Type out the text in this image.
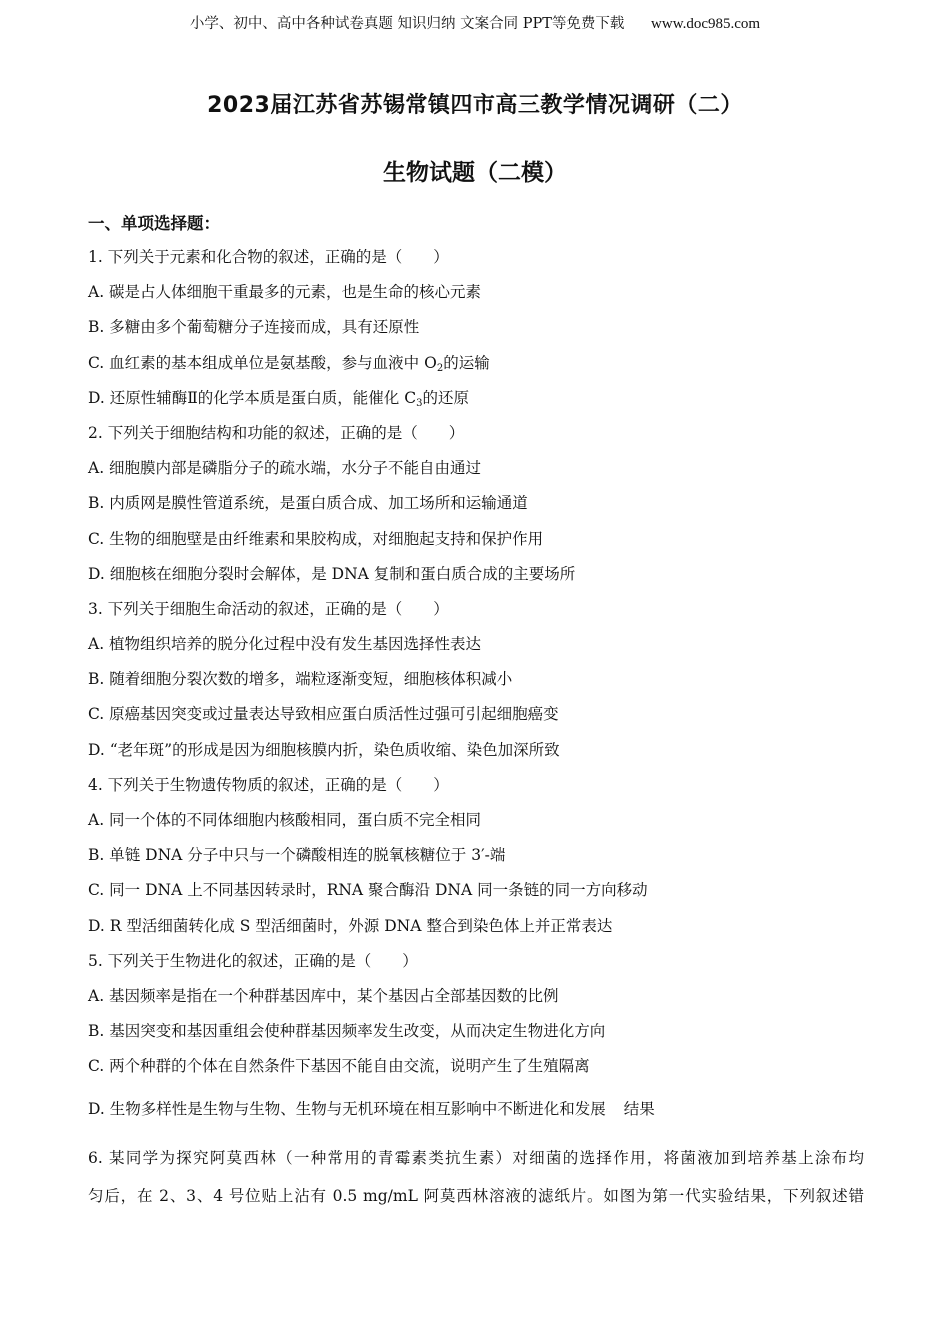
小学、初中、高中各种试卷真题 知识归纳 文案合同 PPT等免费下载 www.doc985.com
2023届江苏省苏锡常镇四市高三教学情况调研（二）
生物试题（二模）
一、单项选择题：
1. 下列关于元素和化合物的叙述，正确的是（　　）
A. 碳是占人体细胞干重最多的元素，也是生命的核心元素
B. 多糖由多个葡萄糖分子连接而成，具有还原性
C. 血红素的基本组成单位是氨基酸，参与血液中 $O_2$的运输
D. 还原性辅酶Ⅱ的化学本质是蛋白质，能催化 $C_3$的还原
2. 下列关于细胞结构和功能的叙述，正确的是（　　）
A. 细胞膜内部是磷脂分子的疏水端，水分子不能自由通过
B. 内质网是膜性管道系统，是蛋白质合成、加工场所和运输通道
C. 生物的细胞壁是由纤维素和果胶构成，对细胞起支持和保护作用
D. 细胞核在细胞分裂时会解体，是 DNA 复制和蛋白质合成的主要场所
3. 下列关于细胞生命活动的叙述，正确的是（　　）
A. 植物组织培养的脱分化过程中没有发生基因选择性表达
B. 随着细胞分裂次数的增多，端粒逐渐变短，细胞核体积减小
C. 原癌基因突变或过量表达导致相应蛋白质活性过强可引起细胞癌变
D. “老年斑”的形成是因为细胞核膜内折，染色质收缩、染色加深所致
4. 下列关于生物遗传物质的叙述，正确的是（　　）
A. 同一个体的不同体细胞内核酸相同，蛋白质不完全相同
B. 单链 DNA 分子中只与一个磷酸相连的脱氧核糖位于 3′-端
C. 同一 DNA 上不同基因转录时，RNA 聚合酶沿 DNA 同一条链的同一方向移动
D. R 型活细菌转化成 S 型活细菌时，外源 DNA 整合到染色体上并正常表达
5. 下列关于生物进化的叙述，正确的是（　　）
A. 基因频率是指在一个种群基因库中，某个基因占全部基因数的比例
B. 基因突变和基因重组会使种群基因频率发生改变，从而决定生物进化方向
C. 两个种群的个体在自然条件下基因不能自由交流，说明产生了生殖隔离
D. 生物多样性是生物与生物、生物与无机环境在相互影响中不断进化和发展 结果
6. 某同学为探究阿莫西林（一种常用的青霉素类抗生素）对细菌的选择作用，将菌液加到培养基上涂布均
匀后，在 2、3、4 号位贴上沾有 0.5 mg/mL 阿莫西林溶液的滤纸片。如图为第一代实验结果，下列叙述错
